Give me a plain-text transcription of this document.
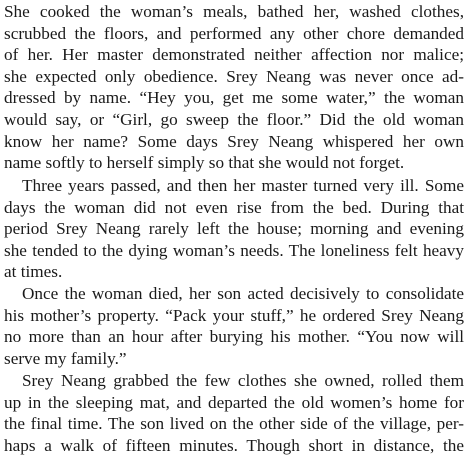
She cooked the woman’s meals, bathed her, washed clothes,
scrubbed the floors, and performed any other chore demanded
of her. Her master demonstrated neither affection nor malice;
she expected only obedience. Srey Neang was never once ad-
dressed by name. “Hey you, get me some water,” the woman
would say, or “Girl, go sweep the floor.” Did the old woman
know her name? Some days Srey Neang whispered her own
name softly to herself simply so that she would not forget.
Three years passed, and then her master turned very ill. Some
days the woman did not even rise from the bed. During that
period Srey Neang rarely left the house; morning and evening
she tended to the dying woman’s needs. The loneliness felt heavy
at times.
Once the woman died, her son acted decisively to consolidate
his mother’s property. “Pack your stuff,” he ordered Srey Neang
no more than an hour after burying his mother. “You now will
serve my family.”
Srey Neang grabbed the few clothes she owned, rolled them
up in the sleeping mat, and departed the old women’s home for
the final time. The son lived on the other side of the village, per-
haps a walk of fifteen minutes. Though short in distance, the
